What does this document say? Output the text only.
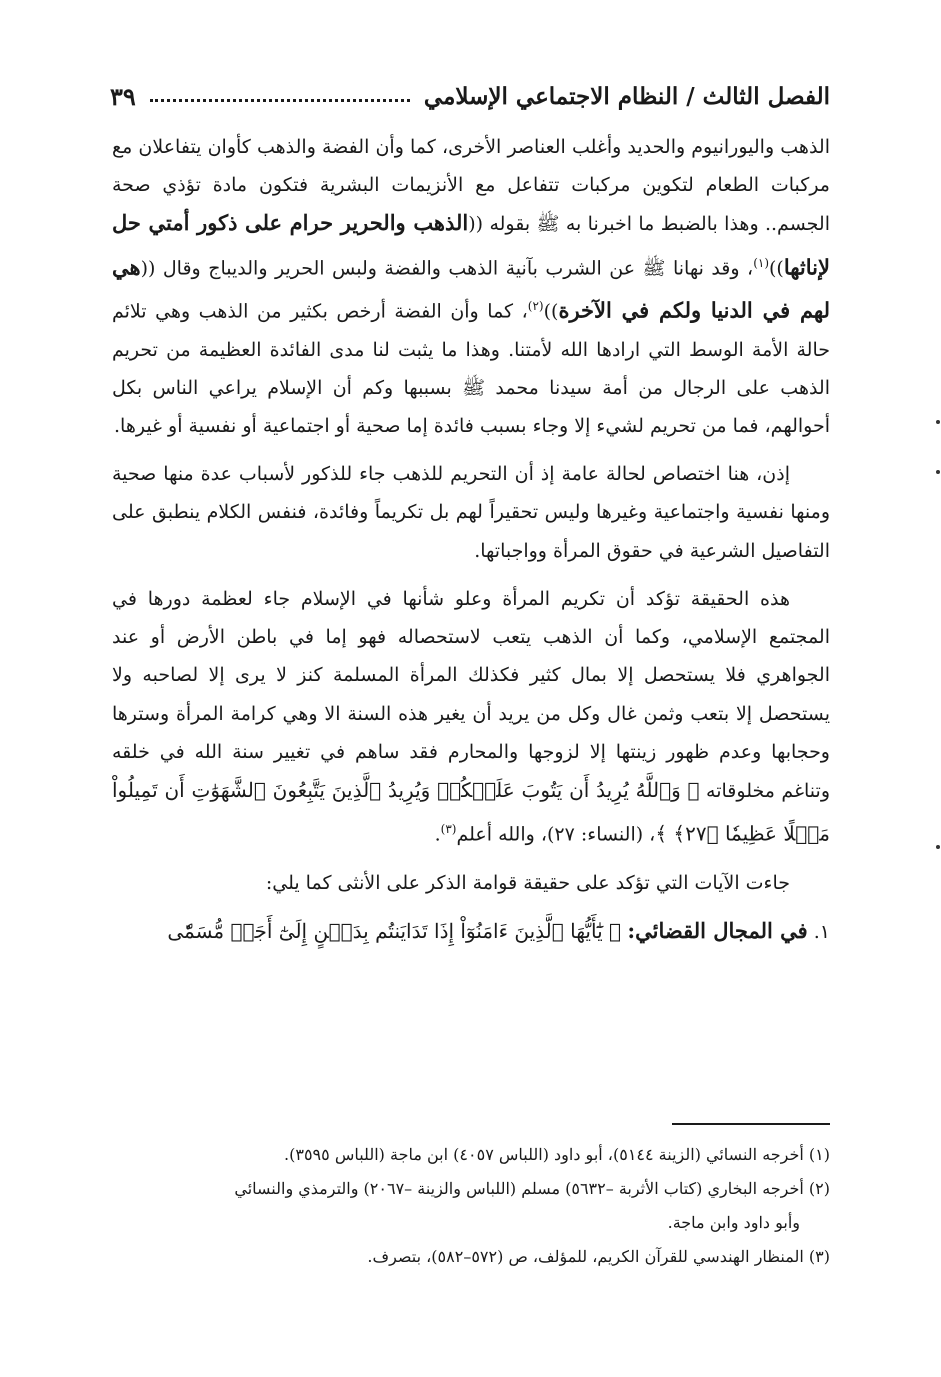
الفصل الثالث / النظام الاجتماعي الإسلامي
٣٩

الذهب واليورانيوم والحديد وأغلب العناصر الأخرى، كما وأن الفضة والذهب كأوان يتفاعلان مع مركبات الطعام لتكوين مركبات تتفاعل مع الأنزيمات البشرية فتكون مادة تؤذي صحة الجسم.. وهذا بالضبط ما اخبرنا به ﷺ بقوله ((الذهب والحرير حرام على ذكور أمتي حل لإناثها))$^{(١)}$، وقد نهانا ﷺ عن الشرب بآنية الذهب والفضة ولبس الحرير والديباج وقال ((هي لهم في الدنيا ولكم في الآخرة))$^{(٢)}$، كما وأن الفضة أرخص بكثير من الذهب وهي تلائم حالة الأمة الوسط التي ارادها الله لأمتنا. وهذا ما يثبت لنا مدى الفائدة العظيمة من تحريم الذهب على الرجال من أمة سيدنا محمد ﷺ بسببها وكم أن الإسلام يراعي الناس بكل أحوالهم، فما من تحريم لشيء إلا وجاء بسبب فائدة إما صحية أو اجتماعية أو نفسية أو غيرها.

إذن، هنا اختصاص لحالة عامة إذ أن التحريم للذهب جاء للذكور لأسباب عدة منها صحية ومنها نفسية واجتماعية وغيرها وليس تحقيراً لهم بل تكريماً وفائدة، فنفس الكلام ينطبق على التفاصيل الشرعية في حقوق المرأة وواجباتها.

هذه الحقيقة تؤكد أن تكريم المرأة وعلو شأنها في الإسلام جاء لعظمة دورها في المجتمع الإسلامي، وكما أن الذهب يتعب لاستحصاله فهو إما في باطن الأرض أو عند الجواهري فلا يستحصل إلا بمال كثير فكذلك المرأة المسلمة كنز لا يرى إلا لصاحبه ولا يستحصل إلا بتعب وثمن غال وكل من يريد أن يغير هذه السنة الا وهي كرامة المرأة وسترها وحجابها وعدم ظهور زينتها إلا لزوجها والمحارم فقد ساهم في تغيير سنة الله في خلقه وتناغم مخلوقاته ﴿ وَٱللَّهُ يُرِيدُ أَن يَتُوبَ عَلَيۡكُمۡ وَيُرِيدُ ٱلَّذِينَ يَتَّبِعُونَ ٱلشَّهَوَٰتِ أَن تَمِيلُواْ مَيۡلًا عَظِيمٗا ﴿٢٧﴾ ﴾، (النساء: ٢٧)، والله أعلم$^{(٣)}$.

جاءت الآيات التي تؤكد على حقيقة قوامة الذكر على الأنثى كما يلي:

١. في المجال القضائي: ﴿ يَٰٓأَيُّهَا ٱلَّذِينَ ءَامَنُوٓاْ إِذَا تَدَايَنتُم بِدَيۡنٍ إِلَىٰٓ أَجَلٖ مُّسَمّٗى

(١) أخرجه النسائي (الزينة ٥١٤٤)، أبو داود (اللباس ٤٠٥٧) ابن ماجة (اللباس ٣٥٩٥).

(٢) أخرجه البخاري (كتاب الأثربة –٥٦٣٢) مسلم (اللباس والزينة –٢٠٦٧) والترمذي والنسائي

وأبو داود وابن ماجة.

(٣) المنظار الهندسي للقرآن الكريم، للمؤلف، ص (٥٧٢–٥٨٢)، بتصرف.
